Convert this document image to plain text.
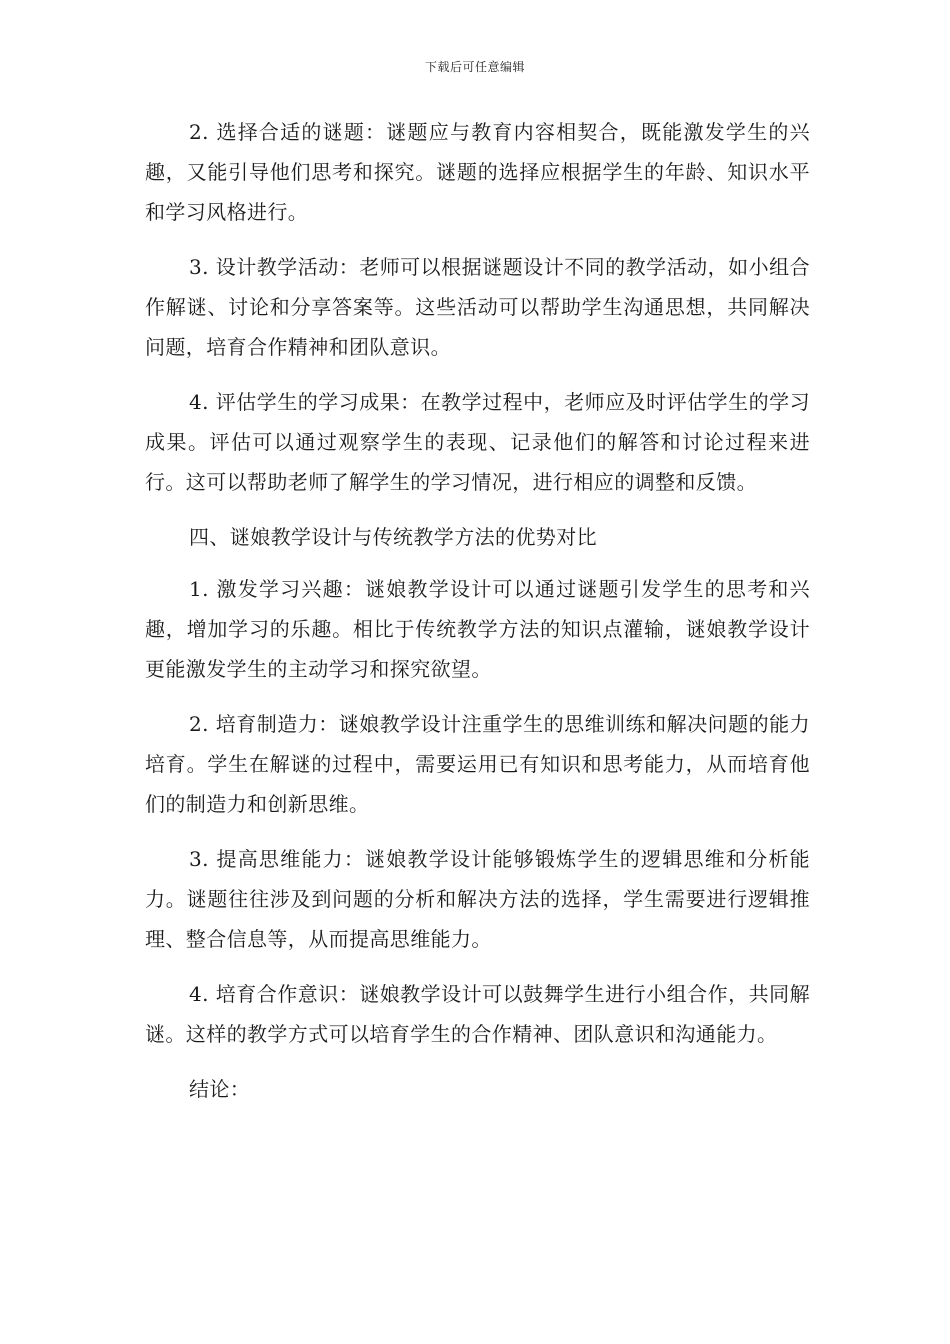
下载后可任意编辑

2. 选择合适的谜题：谜题应与教育内容相契合，既能激发学生的兴趣，又能引导他们思考和探究。谜题的选择应根据学生的年龄、知识水平和学习风格进行。

3. 设计教学活动：老师可以根据谜题设计不同的教学活动，如小组合作解谜、讨论和分享答案等。这些活动可以帮助学生沟通思想，共同解决问题，培育合作精神和团队意识。

4. 评估学生的学习成果：在教学过程中，老师应及时评估学生的学习成果。评估可以通过观察学生的表现、记录他们的解答和讨论过程来进行。这可以帮助老师了解学生的学习情况，进行相应的调整和反馈。

四、谜娘教学设计与传统教学方法的优势对比

1. 激发学习兴趣：谜娘教学设计可以通过谜题引发学生的思考和兴趣，增加学习的乐趣。相比于传统教学方法的知识点灌输，谜娘教学设计更能激发学生的主动学习和探究欲望。

2. 培育制造力：谜娘教学设计注重学生的思维训练和解决问题的能力培育。学生在解谜的过程中，需要运用已有知识和思考能力，从而培育他们的制造力和创新思维。

3. 提高思维能力：谜娘教学设计能够锻炼学生的逻辑思维和分析能力。谜题往往涉及到问题的分析和解决方法的选择，学生需要进行逻辑推理、整合信息等，从而提高思维能力。

4. 培育合作意识：谜娘教学设计可以鼓舞学生进行小组合作，共同解谜。这样的教学方式可以培育学生的合作精神、团队意识和沟通能力。

结论：
